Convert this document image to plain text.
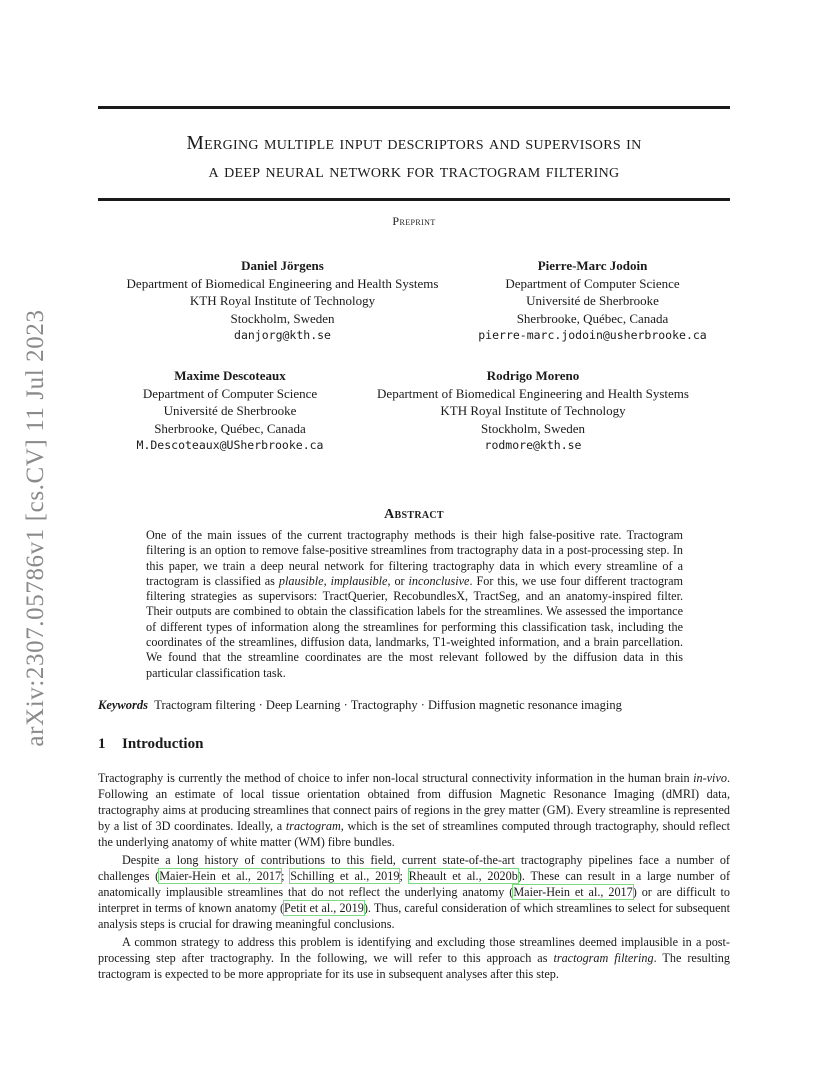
arXiv:2307.05786v1 [cs.CV] 11 Jul 2023
Merging multiple input descriptors and supervisors in
a deep neural network for tractogram filtering
Preprint
Daniel Jörgens
Department of Biomedical Engineering and Health Systems
KTH Royal Institute of Technology
Stockholm, Sweden
danjorg@kth.se
Pierre-Marc Jodoin
Department of Computer Science
Université de Sherbrooke
Sherbrooke, Québec, Canada
pierre-marc.jodoin@usherbrooke.ca
Maxime Descoteaux
Department of Computer Science
Université de Sherbrooke
Sherbrooke, Québec, Canada
M.Descoteaux@USherbrooke.ca
Rodrigo Moreno
Department of Biomedical Engineering and Health Systems
KTH Royal Institute of Technology
Stockholm, Sweden
rodmore@kth.se
Abstract
One of the main issues of the current tractography methods is their high false-positive rate. Tractogram filtering is an option to remove false-positive streamlines from tractography data in a post-processing step. In this paper, we train a deep neural network for filtering tractography data in which every streamline of a tractogram is classified as plausible, implausible, or inconclusive. For this, we use four different tractogram filtering strategies as supervisors: TractQuerier, RecobundlesX, TractSeg, and an anatomy-inspired filter. Their outputs are combined to obtain the classification labels for the streamlines. We assessed the importance of different types of information along the streamlines for performing this classification task, including the coordinates of the streamlines, diffusion data, landmarks, T1-weighted information, and a brain parcellation. We found that the streamline coordinates are the most relevant followed by the diffusion data in this particular classification task.
Keywords Tractogram filtering · Deep Learning · Tractography · Diffusion magnetic resonance imaging
1 Introduction
Tractography is currently the method of choice to infer non-local structural connectivity information in the human brain in-vivo. Following an estimate of local tissue orientation obtained from diffusion Magnetic Resonance Imaging (dMRI) data, tractography aims at producing streamlines that connect pairs of regions in the grey matter (GM). Every streamline is represented by a list of 3D coordinates. Ideally, a tractogram, which is the set of streamlines computed through tractography, should reflect the underlying anatomy of white matter (WM) fibre bundles.
Despite a long history of contributions to this field, current state-of-the-art tractography pipelines face a number of challenges (Maier-Hein et al., 2017; Schilling et al., 2019; Rheault et al., 2020b). These can result in a large number of anatomically implausible streamlines that do not reflect the underlying anatomy (Maier-Hein et al., 2017) or are difficult to interpret in terms of known anatomy (Petit et al., 2019). Thus, careful consideration of which streamlines to select for subsequent analysis steps is crucial for drawing meaningful conclusions.
A common strategy to address this problem is identifying and excluding those streamlines deemed implausible in a post-processing step after tractography. In the following, we will refer to this approach as tractogram filtering. The resulting tractogram is expected to be more appropriate for its use in subsequent analyses after this step.
